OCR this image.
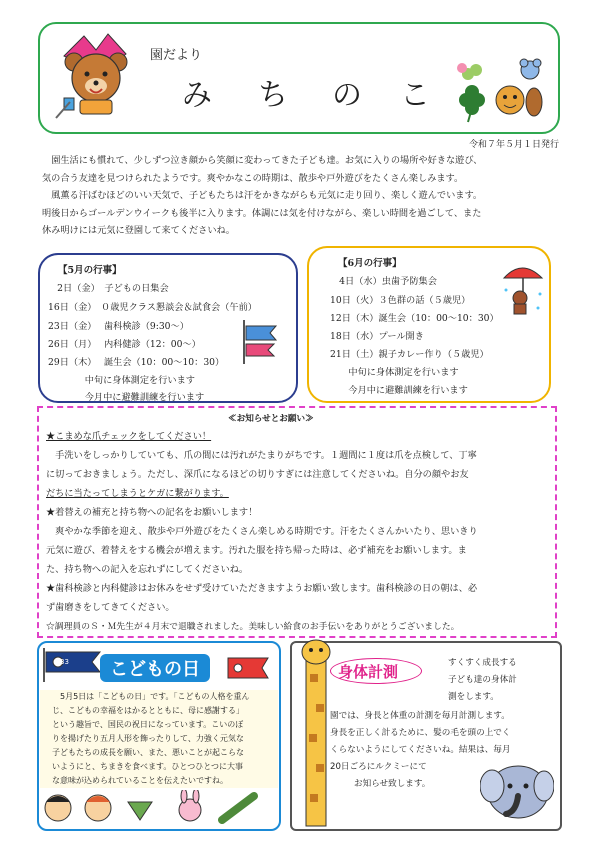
園だより
み ち の こ
令和７年５月１日発行

園生活にも慣れて、少しずつ泣き顔から笑顔に変わってきた子ども達。お気に入りの場所や好きな遊び、

気の合う友達を見つけられたようです。爽やかなこの時期は、散歩や戸外遊びをたくさん楽しみます。

　風薫る汗ばむほどのいい天気で、子どもたちは汗をかきながらも元気に走り回り、楽しく遊んでいます。

明後日からゴールデンウイークも後半に入ります。体調には気を付けながら、楽しい時間を過ごして、また

休み明けには元気に登園して来てくださいね。

【5月の行事】
　2日（金）　子どもの日集会
16日（金）　０歳児クラス懇談会＆試食会（午前）
23日（金）　 歯科検診（9:30～）
26日（月）　 内科健診（12：00～）
29日（木）　 誕生会（10：00～10：30）
　　　　中旬に身体測定を行います
　　　　今月中に避難訓練を行います
【6月の行事】
　4日（水）虫歯予防集会
10日（火）３色群の話（５歳児）
12日（木）誕生会（10：00～10：30）
18日（水）プール開き
21日（土）親子カレー作り（５歳児）
　　中旬に身体測定を行います
　　今月中に避難訓練を行います
≪お知らせとお願い≫
★こまめな爪チェックをしてください！
　手洗いをしっかりしていても、爪の間には汚れがたまりがちです。１週間に１度は爪を点検して、丁寧
に切っておきましょう。ただし、深爪になるほどの切りすぎには注意してくださいね。自分の顔やお友
だちに当たってしまうとケガに繋がります。
★着替えの補充と持ち物への記名をお願いします！
　爽やかな季節を迎え、散歩や戸外遊びをたくさん楽しめる時期です。汗をたくさんかいたり、思いきり
元気に遊び、着替えをする機会が増えます。汚れた服を持ち帰った時は、必ず補充をお願いします。ま
た、持ち物への記入を忘れずにしてくださいね。
★歯科検診と内科健診はお休みをせず受けていただきますようお願い致します。歯科検診の日の朝は、必
ず歯磨きをしてきてください。
☆調理員のＳ・Ｍ先生が４月末で退職されました。美味しい給食のお手伝いをありがとうございました。
33	こどもの日
5月5日は「こどもの日」です。「こどもの人格を重ん
じ、こどもの幸福をはかるとともに、母に感謝する」
という趣旨で、国民の祝日になっています。こいのぼ
りを揚げたり五月人形を飾ったりして、力強く元気な
子どもたちの成長を願い、また、悪いことが起こらな
いようにと、ちまきを食べます。ひとつひとつに大事
な意味が込められていることを伝えたいですね。
身体計測	すくすく成長する
子ども達の身体計
測をします。
園では、身長と体重の計測を毎月計測します。
身長を正しく計るために、髪の毛を頭の上でく
くらないようにしてくださいね。結果は、毎月
20日ごろにルクミーにて
お知らせ致します。
